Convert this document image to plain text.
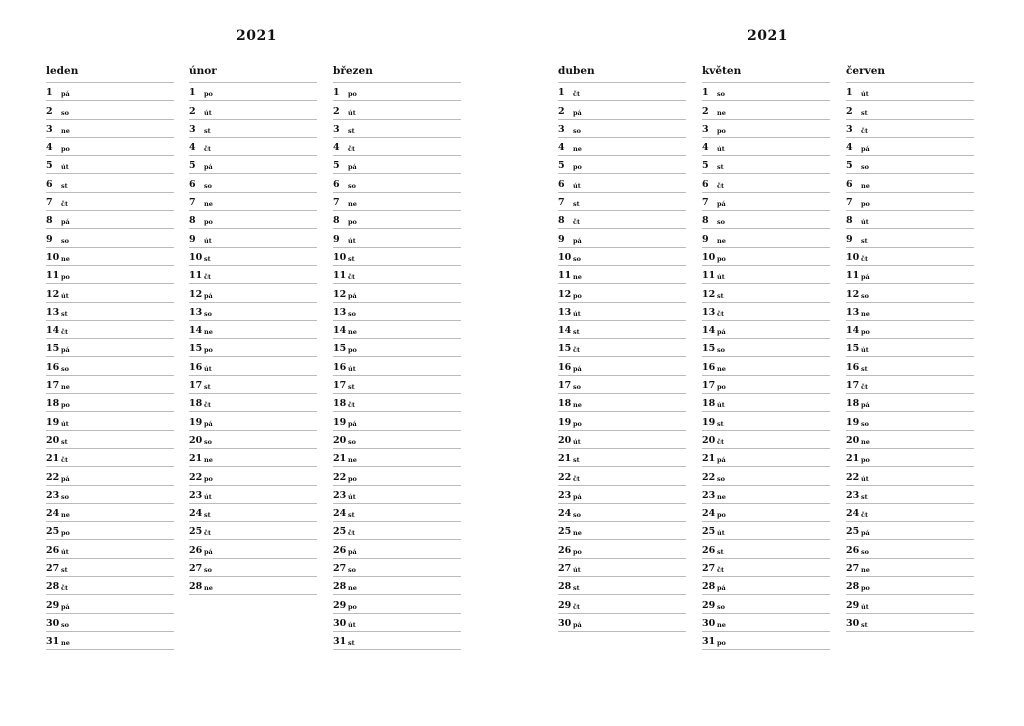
2021	2021
leden
1 pá
2 so
3 ne
4 po
5 út
6 st
7 čt
8 pá
9 so
10 ne
11 po
12 út
13 st
14 čt
15 pá
16 so
17 ne
18 po
19 út
20 st
21 čt
22 pá
23 so
24 ne
25 po
26 út
27 st
28 čt
29 pá
30 so
31 ne
únor
1 po
2 út
3 st
4 čt
5 pá
6 so
7 ne
8 po
9 út
10 st
11 čt
12 pá
13 so
14 ne
15 po
16 út
17 st
18 čt
19 pá
20 so
21 ne
22 po
23 út
24 st
25 čt
26 pá
27 so
28 ne
březen
1 po
2 út
3 st
4 čt
5 pá
6 so
7 ne
8 po
9 út
10 st
11 čt
12 pá
13 so
14 ne
15 po
16 út
17 st
18 čt
19 pá
20 so
21 ne
22 po
23 út
24 st
25 čt
26 pá
27 so
28 ne
29 po
30 út
31 st
duben
1 čt
2 pá
3 so
4 ne
5 po
6 út
7 st
8 čt
9 pá
10 so
11 ne
12 po
13 út
14 st
15 čt
16 pá
17 so
18 ne
19 po
20 út
21 st
22 čt
23 pá
24 so
25 ne
26 po
27 út
28 st
29 čt
30 pá
květen
1 so
2 ne
3 po
4 út
5 st
6 čt
7 pá
8 so
9 ne
10 po
11 út
12 st
13 čt
14 pá
15 so
16 ne
17 po
18 út
19 st
20 čt
21 pá
22 so
23 ne
24 po
25 út
26 st
27 čt
28 pá
29 so
30 ne
31 po
červen
1 út
2 st
3 čt
4 pá
5 so
6 ne
7 po
8 út
9 st
10 čt
11 pá
12 so
13 ne
14 po
15 út
16 st
17 čt
18 pá
19 so
20 ne
21 po
22 út
23 st
24 čt
25 pá
26 so
27 ne
28 po
29 út
30 st
